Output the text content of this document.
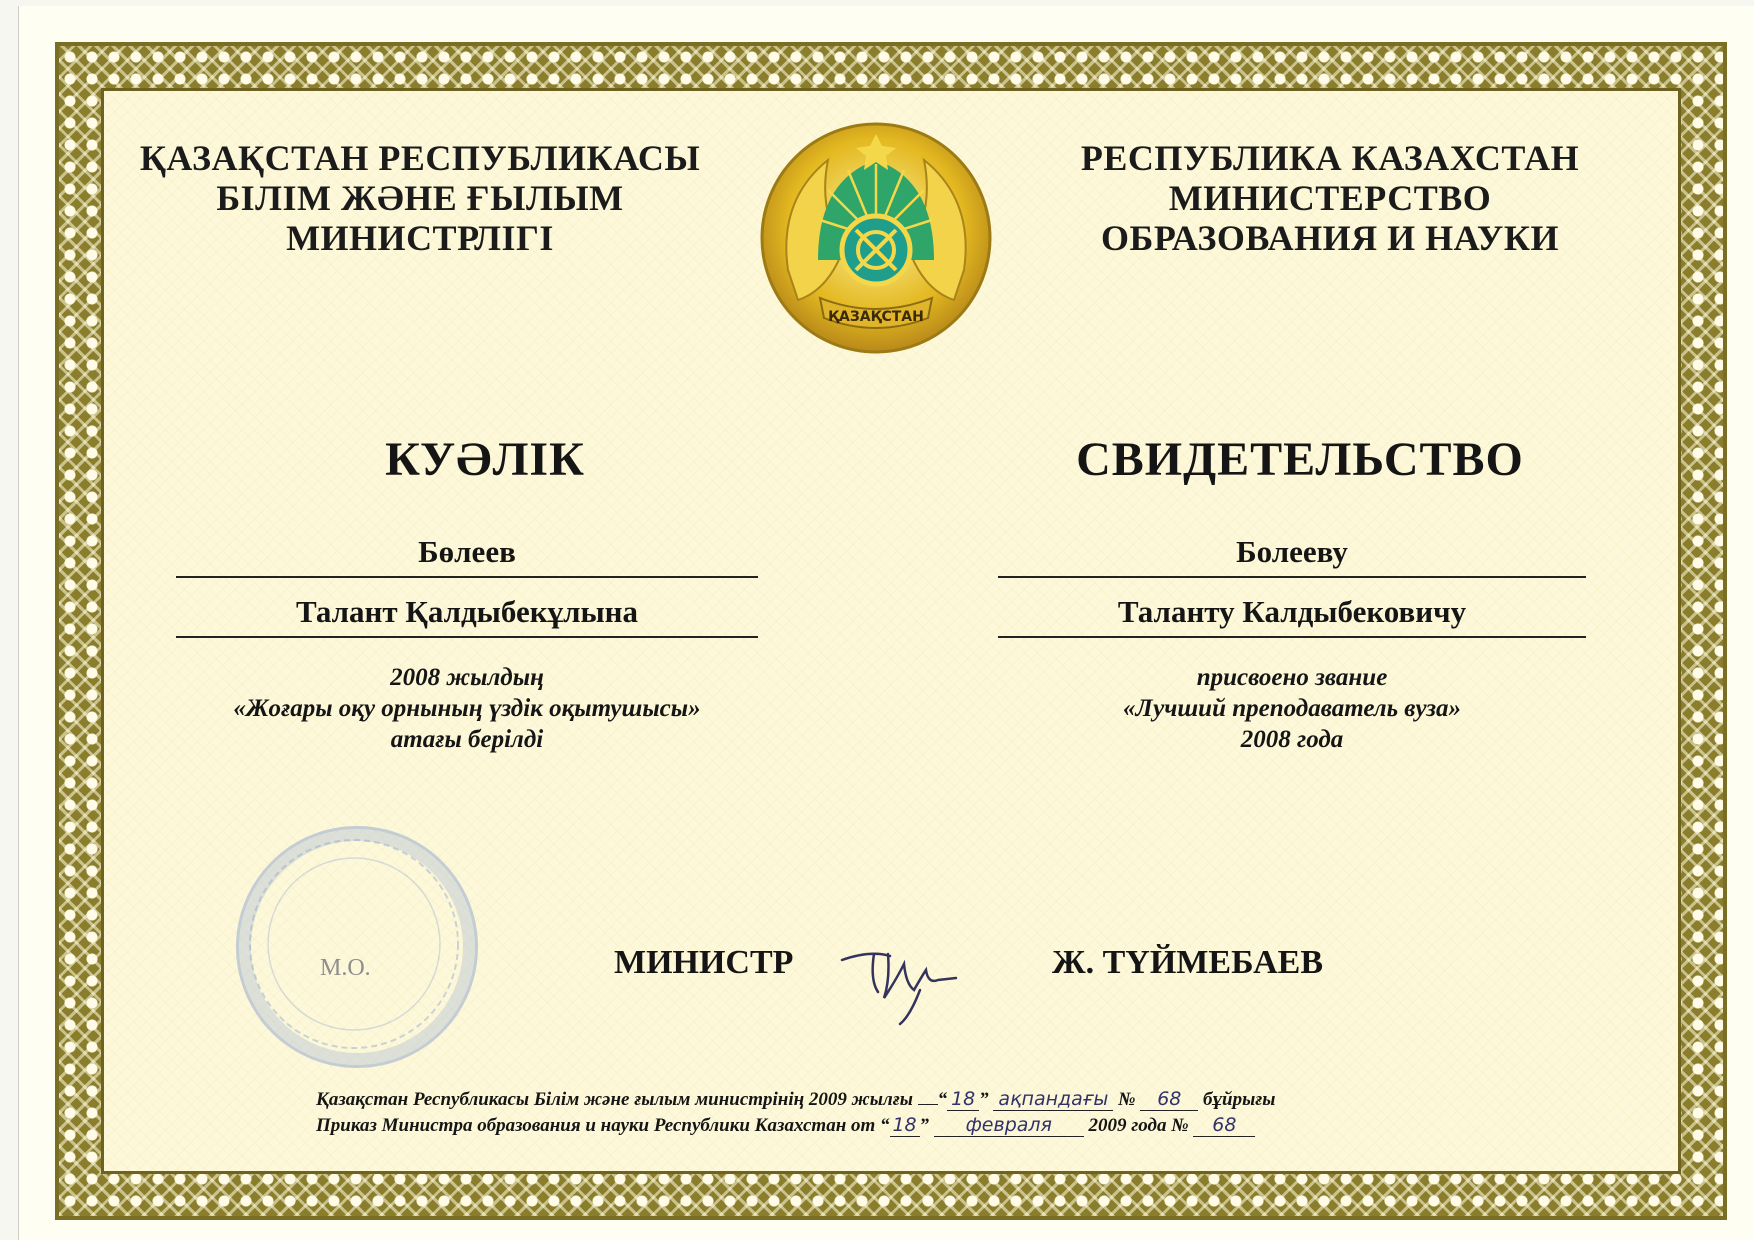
ҚАЗАҚСТАН РЕСПУБЛИКАСЫ
БІЛІМ ЖӘНЕ ҒЫЛЫМ
МИНИСТРЛІГІ
РЕСПУБЛИКА КАЗАХСТАН
МИНИСТЕРСТВО
ОБРАЗОВАНИЯ И НАУКИ
ҚАЗАҚСТАН
КУӘЛІК	СВИДЕТЕЛЬСТВО
Бөлеев
Талант Қалдыбекұлына
Болееву
Таланту Калдыбековичу
2008 жылдың
«Жоғары оқу орнының үздік оқытушысы»
атағы берілді
присвоено звание
«Лучший преподаватель вуза»
2008 года
М.О.	МИНИСТР	Ж. ТҮЙМЕБАЕВ
Қазақстан Республикасы Білім және ғылым министрінің 2009 жылғы “ 18 ” ақпандағы № 68 бұйрығы
Приказ Министра образования и науки Республики Казахстан от “ 18 ” февраля 2009 года № 68
